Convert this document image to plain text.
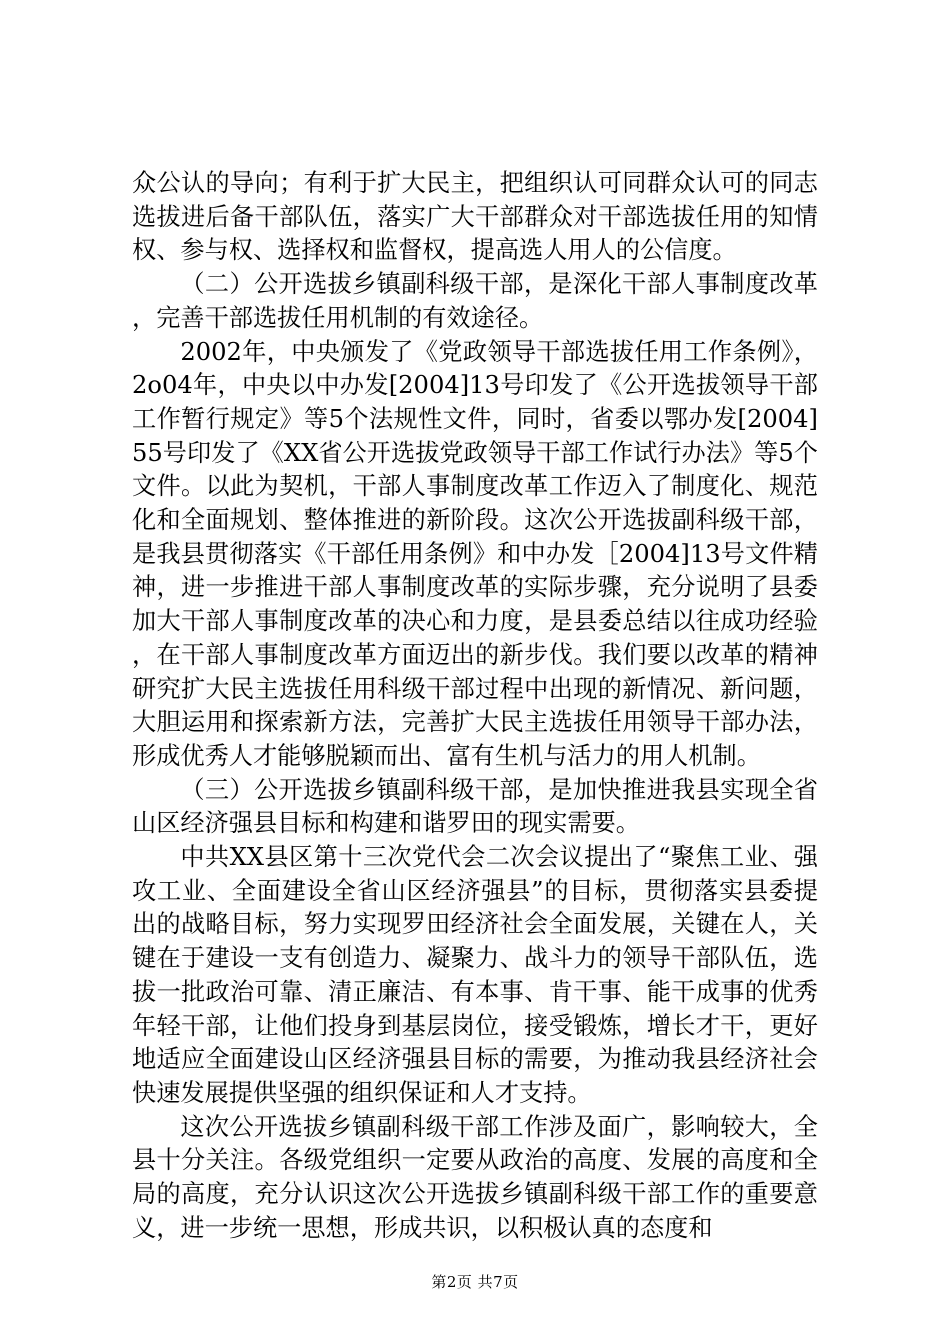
众公认的导向；有利于扩大民主，把组织认可同群众认可的同志选拔进后备干部队伍，落实广大干部群众对干部选拔任用的知情权、参与权、选择权和监督权，提高选人用人的公信度。

（二）公开选拔乡镇副科级干部，是深化干部人事制度改革，完善干部选拔任用机制的有效途径。

2002年，中央颁发了《党政领导干部选拔任用工作条例》，2o04年，中央以中办发[2004]13号印发了《公开选拔领导干部工作暂行规定》等5个法规性文件，同时，省委以鄂办发[2004]55号印发了《XX省公开选拔党政领导干部工作试行办法》等5个文件。以此为契机，干部人事制度改革工作迈入了制度化、规范化和全面规划、整体推进的新阶段。这次公开选拔副科级干部，是我县贯彻落实《干部任用条例》和中办发［2004]13号文件精神，进一步推进干部人事制度改革的实际步骤，充分说明了县委加大干部人事制度改革的决心和力度，是县委总结以往成功经验，在干部人事制度改革方面迈出的新步伐。我们要以改革的精神研究扩大民主选拔任用科级干部过程中出现的新情况、新问题，大胆运用和探索新方法，完善扩大民主选拔任用领导干部办法，形成优秀人才能够脱颖而出、富有生机与活力的用人机制。

（三）公开选拔乡镇副科级干部，是加快推进我县实现全省山区经济强县目标和构建和谐罗田的现实需要。

中共XX县区第十三次党代会二次会议提出了“聚焦工业、强攻工业、全面建设全省山区经济强县”的目标，贯彻落实县委提出的战略目标，努力实现罗田经济社会全面发展，关键在人，关键在于建设一支有创造力、凝聚力、战斗力的领导干部队伍，选拔一批政治可靠、清正廉洁、有本事、肯干事、能干成事的优秀年轻干部，让他们投身到基层岗位，接受锻炼，增长才干，更好地适应全面建设山区经济强县目标的需要，为推动我县经济社会快速发展提供坚强的组织保证和人才支持。

这次公开选拔乡镇副科级干部工作涉及面广，影响较大，全县十分关注。各级党组织一定要从政治的高度、发展的高度和全局的高度，充分认识这次公开选拔乡镇副科级干部工作的重要意义，进一步统一思想，形成共识，以积极认真的态度和

第2页 共7页
